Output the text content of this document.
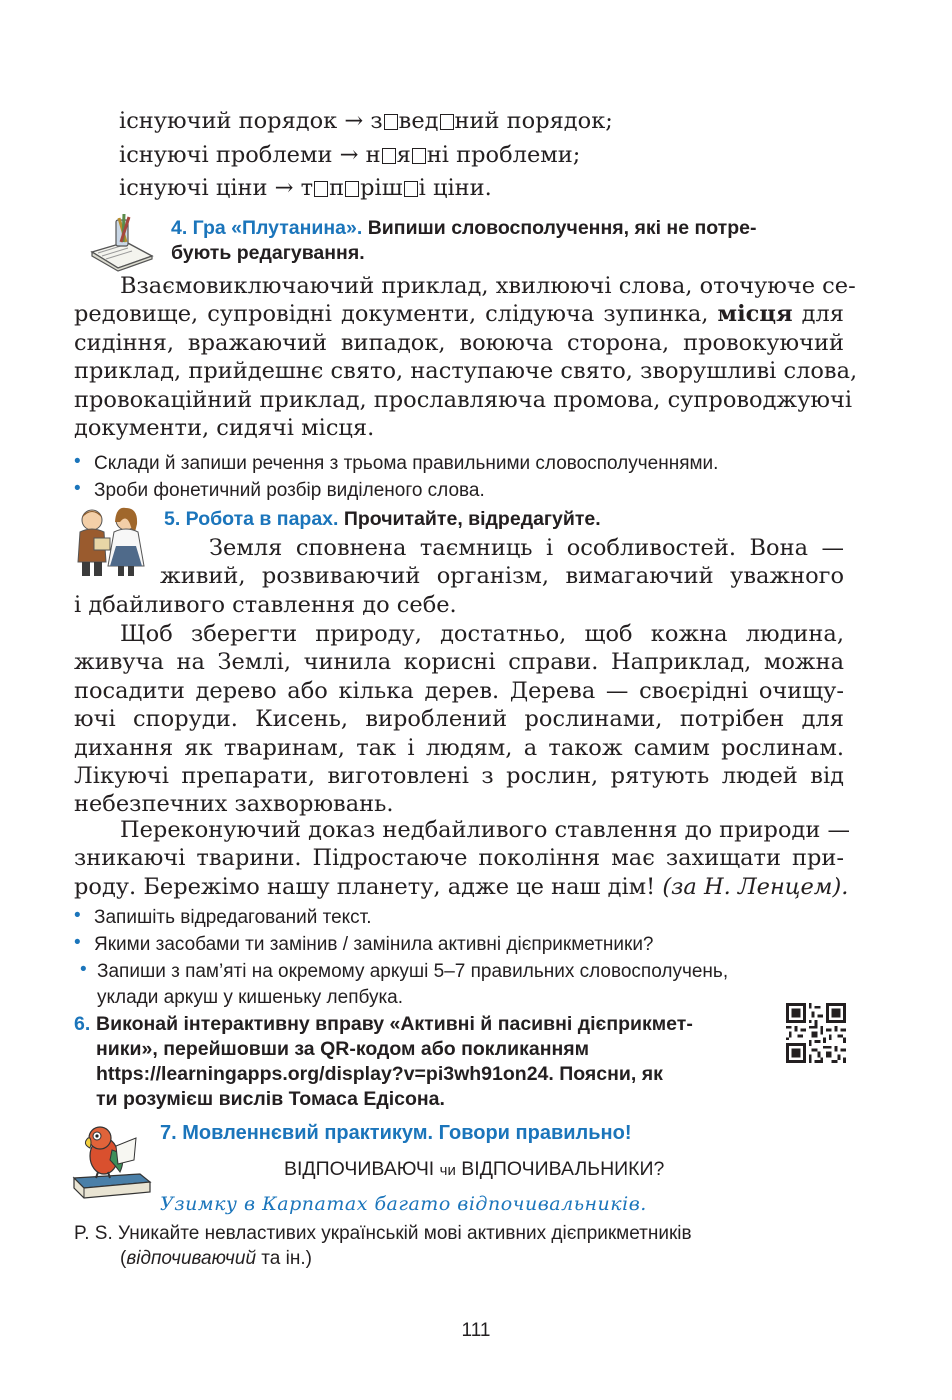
існуючий порядок → з вед ний порядок;
існуючі проблеми → н я ні проблеми;
існуючі ціни → т п ріш і ціни.
4. Гра «Плутанина». Випиши словосполучення, які не потре-
бують редагування.
Взаємовиключаючий приклад, хвилюючі слова, оточуюче се-
редовище, супровідні документи, слідуюча зупинка, місця для
сидіння, вражаючий випадок, воююча сторона, провокуючий
приклад, прийдешнє свято, наступаюче свято, зворушливі слова,
провокаційний приклад, прославляюча промова, супроводжуючі
документи, сидячі місця.
• Склади й запиши речення з трьома правильними словосполученнями.
• Зроби фонетичний розбір виділеного слова.
5. Робота в парах. Прочитайте, відредагуйте.
Земля сповнена таємниць і особливостей. Вона —
живий, розвиваючий організм, вимагаючий уважного
і дбайливого ставлення до себе.
Щоб зберегти природу, достатньо, щоб кожна людина,
живуча на Землі, чинила корисні справи. Наприклад, можна
посадити дерево або кілька дерев. Дерева — своєрідні очищу-
ючі споруди. Кисень, вироблений рослинами, потрібен для
дихання як тваринам, так і людям, а також самим рослинам.
Лікуючі препарати, виготовлені з рослин, рятують людей від
небезпечних захворювань.
Переконуючий доказ недбайливого ставлення до природи —
зникаючі тварини. Підростаюче покоління має захищати при-
роду. Бережімо нашу планету, адже це наш дім! (за Н. Ленцем).
• Запишіть відредагований текст.
• Якими засобами ти замінив / замінила активні дієприкметники?
• Запиши з пам’яті на окремому аркуші 5–7 правильних словосполучень,
уклади аркуш у кишеньку лепбука.
6. Виконай інтерактивну вправу «Активні й пасивні дієприкмет-
ники», перейшовши за QR-кодом або покликанням
https://learningapps.org/display?v=pi3wh91on24. Поясни, як
ти розумієш вислів Томаса Едісона.
7. Мовленнєвий практикум. Говори правильно!
ВІДПОЧИВАЮЧІ чи ВІДПОЧИВАЛЬНИКИ?
Узимку в Карпатах багато відпочивальників.
P. S. Уникайте невластивих українській мові активних дієприкметників
(відпочиваючий та ін.)
111
